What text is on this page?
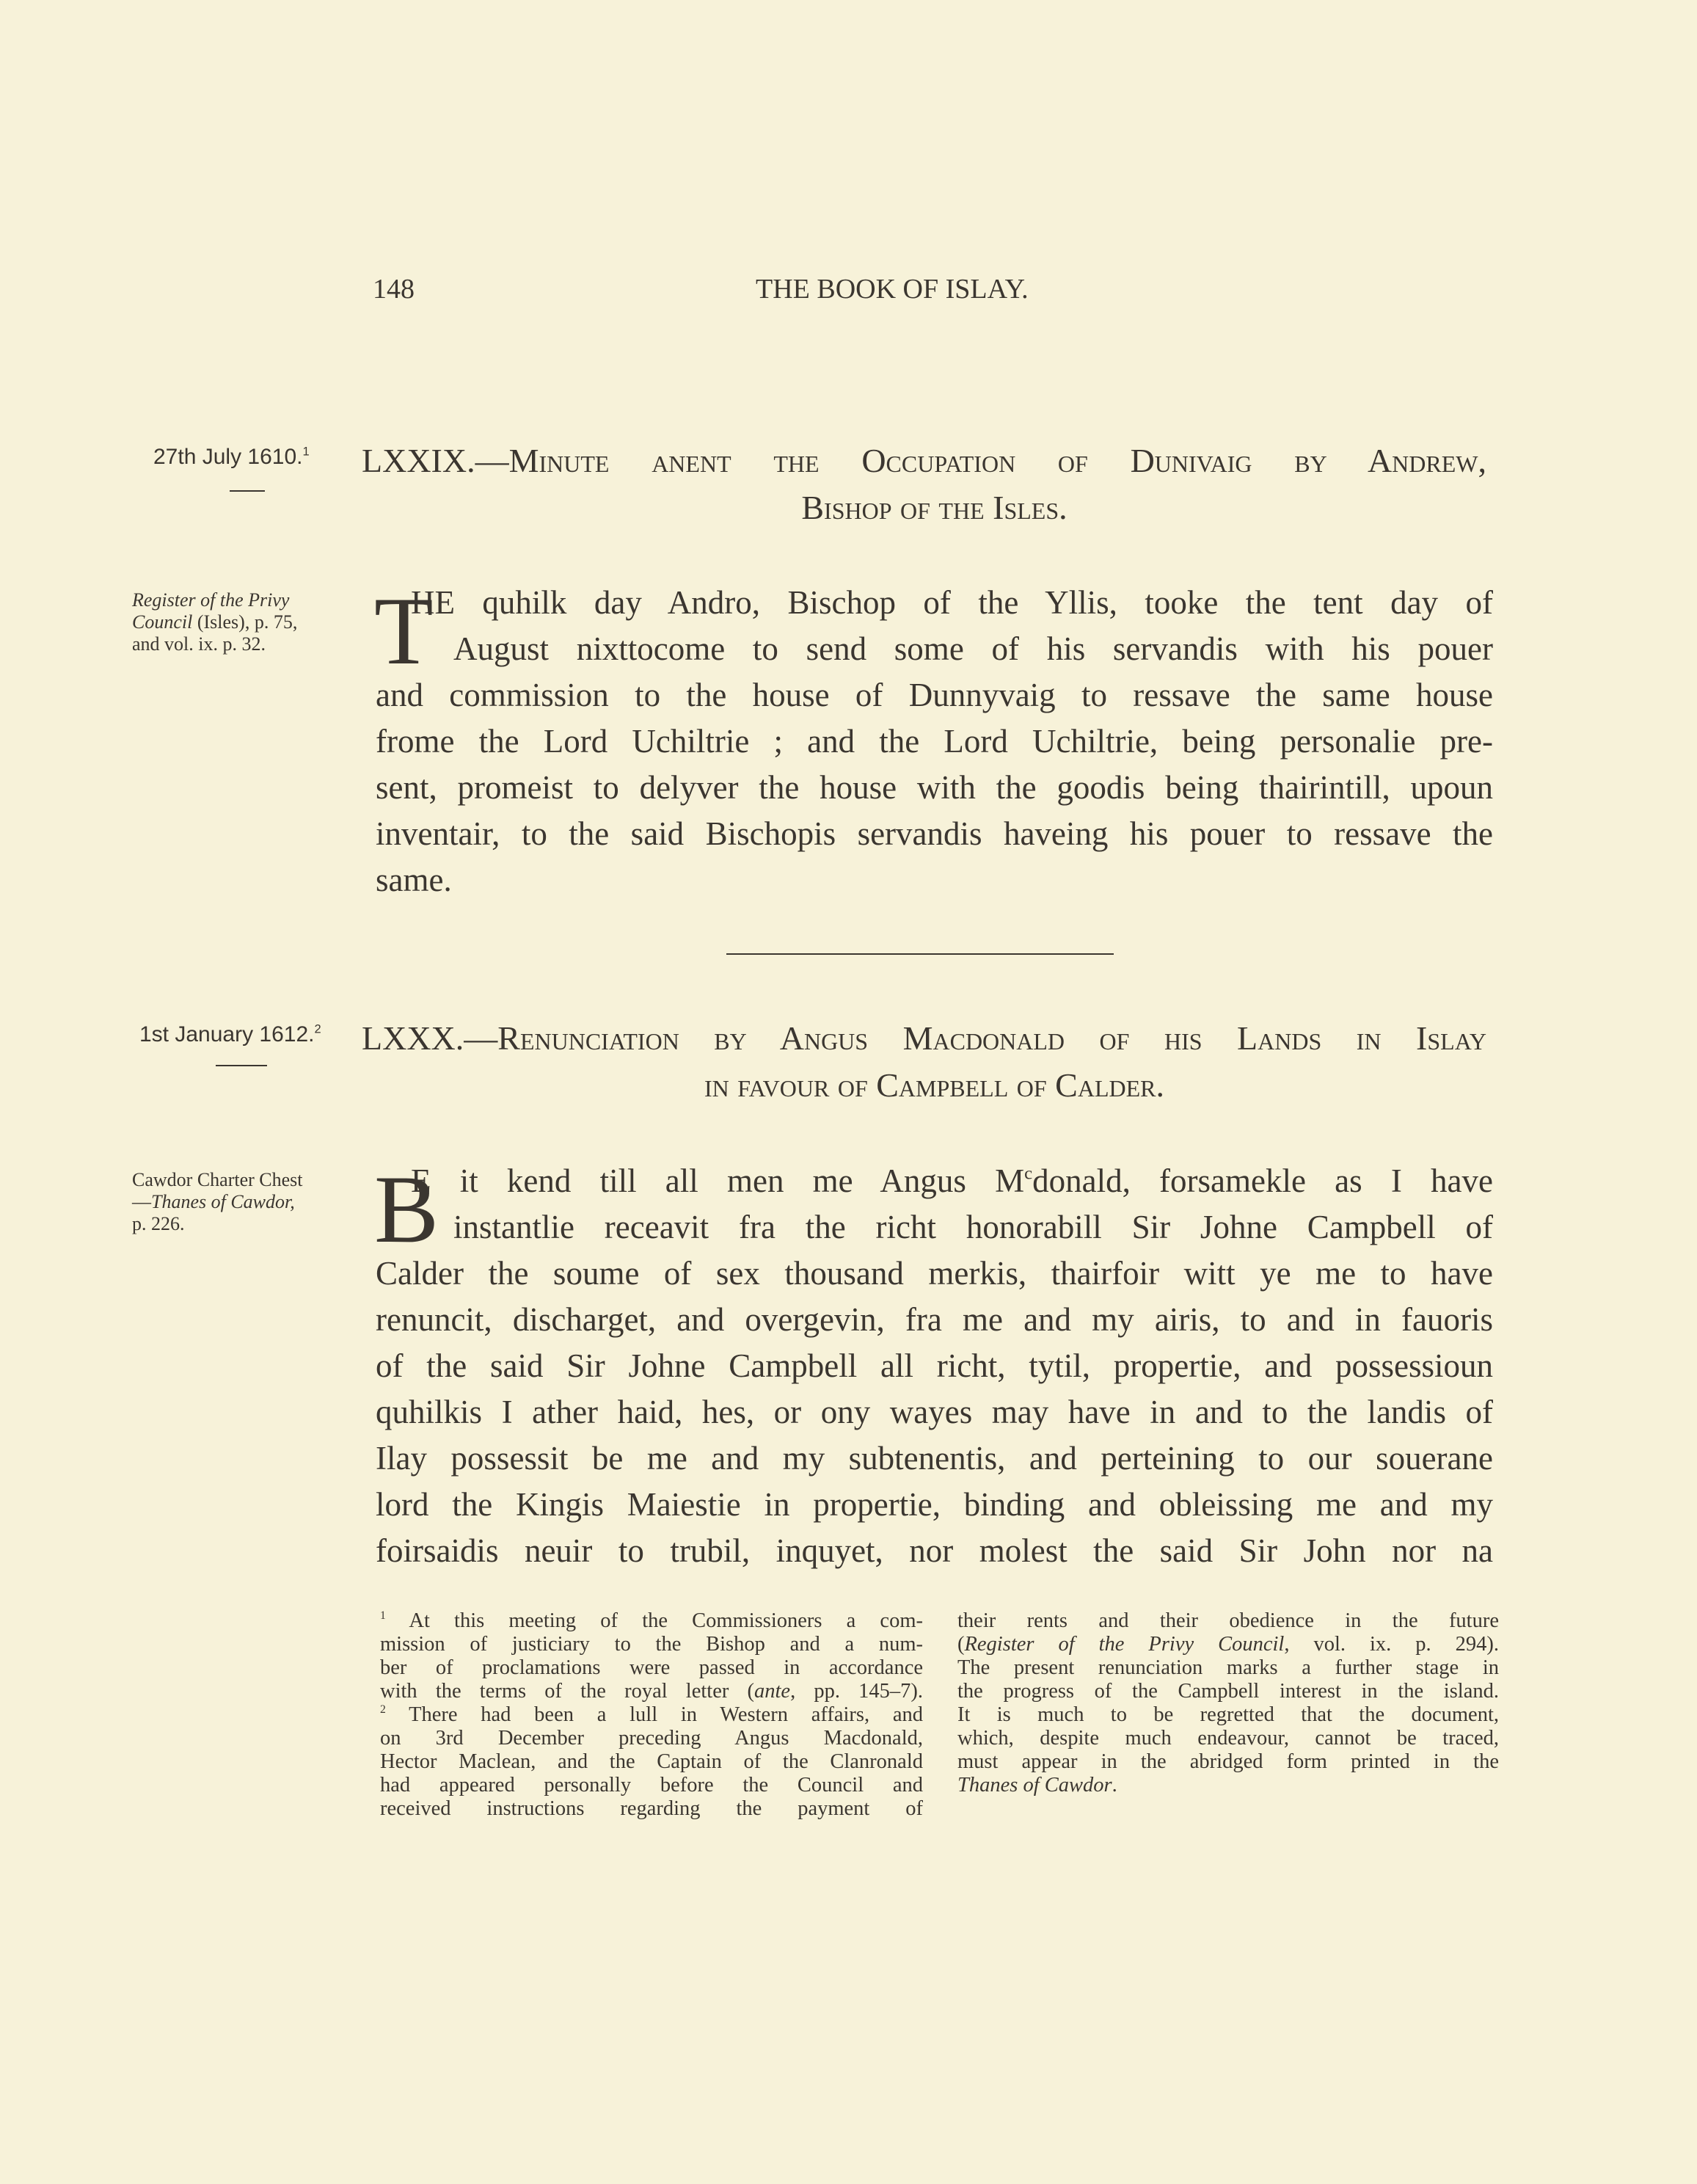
148	THE BOOK OF ISLAY.
27th July 1610.$^1$ LXXIX.—Minute anent the Occupation of Dunivaig by Andrew,
Bishop of the Isles.
Register of the Privy
Council (Isles), p. 75,
and vol. ix. p. 32. T
HE quhilk day Andro, Bischop of the Yllis, tooke the tent day of
August nixttocome to send some of his servandis with his pouer
and commission to the house of Dunnyvaig to ressave the same house
frome the Lord Uchiltrie ; and the Lord Uchiltrie, being personalie pre-
sent, promeist to delyver the house with the goodis being thairintill, upoun
inventair, to the said Bischopis servandis haveing his pouer to ressave the
same.
1st January 1612.$^2$ LXXX.—Renunciation by Angus Macdonald of his Lands in Islay
in favour of Campbell of Calder.
Cawdor Charter Chest
—Thanes of Cawdor,
p. 226. B
E it kend till all men me Angus $M^cdonald$, forsamekle as I have
instantlie receavit fra the richt honorabill Sir Johne Campbell of
Calder the soume of sex thousand merkis, thairfoir witt ye me to have
renuncit, discharget, and overgevin, fra me and my airis, to and in fauoris
of the said Sir Johne Campbell all richt, tytil, propertie, and possessioun
quhilkis I ather haid, hes, or ony wayes may have in and to the landis of
Ilay possessit be me and my subtenentis, and perteining to our souerane
lord the Kingis Maiestie in propertie, binding and obleissing me and my
foirsaidis neuir to trubil, inquyet, nor molest the said Sir John nor na
$^1$ At this meeting of the Commissioners a com-
mission of justiciary to the Bishop and a num-
ber of proclamations were passed in accordance
with the terms of the royal letter (ante, pp. 145–7).
$^2$ There had been a lull in Western affairs, and
on 3rd December preceding Angus Macdonald,
Hector Maclean, and the Captain of the Clanronald
had appeared personally before the Council and
received instructions regarding the payment of
their rents and their obedience in the future
(Register of the Privy Council, vol. ix. p. 294).
The present renunciation marks a further stage in
the progress of the Campbell interest in the island.
It is much to be regretted that the document,
which, despite much endeavour, cannot be traced,
must appear in the abridged form printed in the
Thanes of Cawdor.
